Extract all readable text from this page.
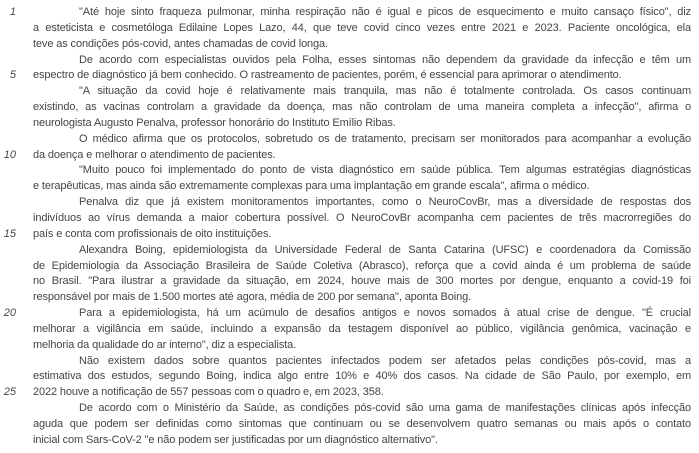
1	"Até hoje sinto fraqueza pulmonar, minha respiração não é igual e picos de esquecimento e muito cansaço físico", diz
a esteticista e cosmetóloga Edilaine Lopes Lazo, 44, que teve covid cinco vezes entre 2021 e 2023. Paciente oncológica, ela
teve as condições pós-covid, antes chamadas de covid longa.
De acordo com especialistas ouvidos pela Folha, esses sintomas não dependem da gravidade da infecção e têm um
5 espectro de diagnóstico já bem conhecido. O rastreamento de pacientes, porém, é essencial para aprimorar o atendimento.
"A situação da covid hoje é relativamente mais tranquila, mas não é totalmente controlada. Os casos continuam
existindo, as vacinas controlam a gravidade da doença, mas não controlam de uma maneira completa a infecção", afirma o
neurologista Augusto Penalva, professor honorário do Instituto Emílio Ribas.
O médico afirma que os protocolos, sobretudo os de tratamento, precisam ser monitorados para acompanhar a evolução
10 da doença e melhorar o atendimento de pacientes.
"Muito pouco foi implementado do ponto de vista diagnóstico em saúde pública. Tem algumas estratégias diagnósticas
e terapêuticas, mas ainda são extremamente complexas para uma implantação em grande escala", afirma o médico.
Penalva diz que já existem monitoramentos importantes, como o NeuroCovBr, mas a diversidade de respostas dos
indivíduos ao vírus demanda a maior cobertura possível. O NeuroCovBr acompanha cem pacientes de três macrorregiões do
15 país e conta com profissionais de oito instituições.
Alexandra Boing, epidemiologista da Universidade Federal de Santa Catarina (UFSC) e coordenadora da Comissão
de Epidemiologia da Associação Brasileira de Saúde Coletiva (Abrasco), reforça que a covid ainda é um problema de saúde
no Brasil. "Para ilustrar a gravidade da situação, em 2024, houve mais de 300 mortes por dengue, enquanto a covid-19 foi
responsável por mais de 1.500 mortes até agora, média de 200 por semana", aponta Boing.
20	Para a epidemiologista, há um acúmulo de desafios antigos e novos somados à atual crise de dengue. "É crucial
melhorar a vigilância em saúde, incluindo a expansão da testagem disponível ao público, vigilância genômica, vacinação e
melhoria da qualidade do ar interno", diz a especialista.
Não existem dados sobre quantos pacientes infectados podem ser afetados pelas condições pós-covid, mas a
estimativa dos estudos, segundo Boing, indica algo entre 10% e 40% dos casos. Na cidade de São Paulo, por exemplo, em
25 2022 houve a notificação de 557 pessoas com o quadro e, em 2023, 358.
De acordo com o Ministério da Saúde, as condições pós-covid são uma gama de manifestações clínicas após infecção
aguda que podem ser definidas como sintomas que continuam ou se desenvolvem quatro semanas ou mais após o contato
inicial com Sars-CoV-2 "e não podem ser justificadas por um diagnóstico alternativo".
